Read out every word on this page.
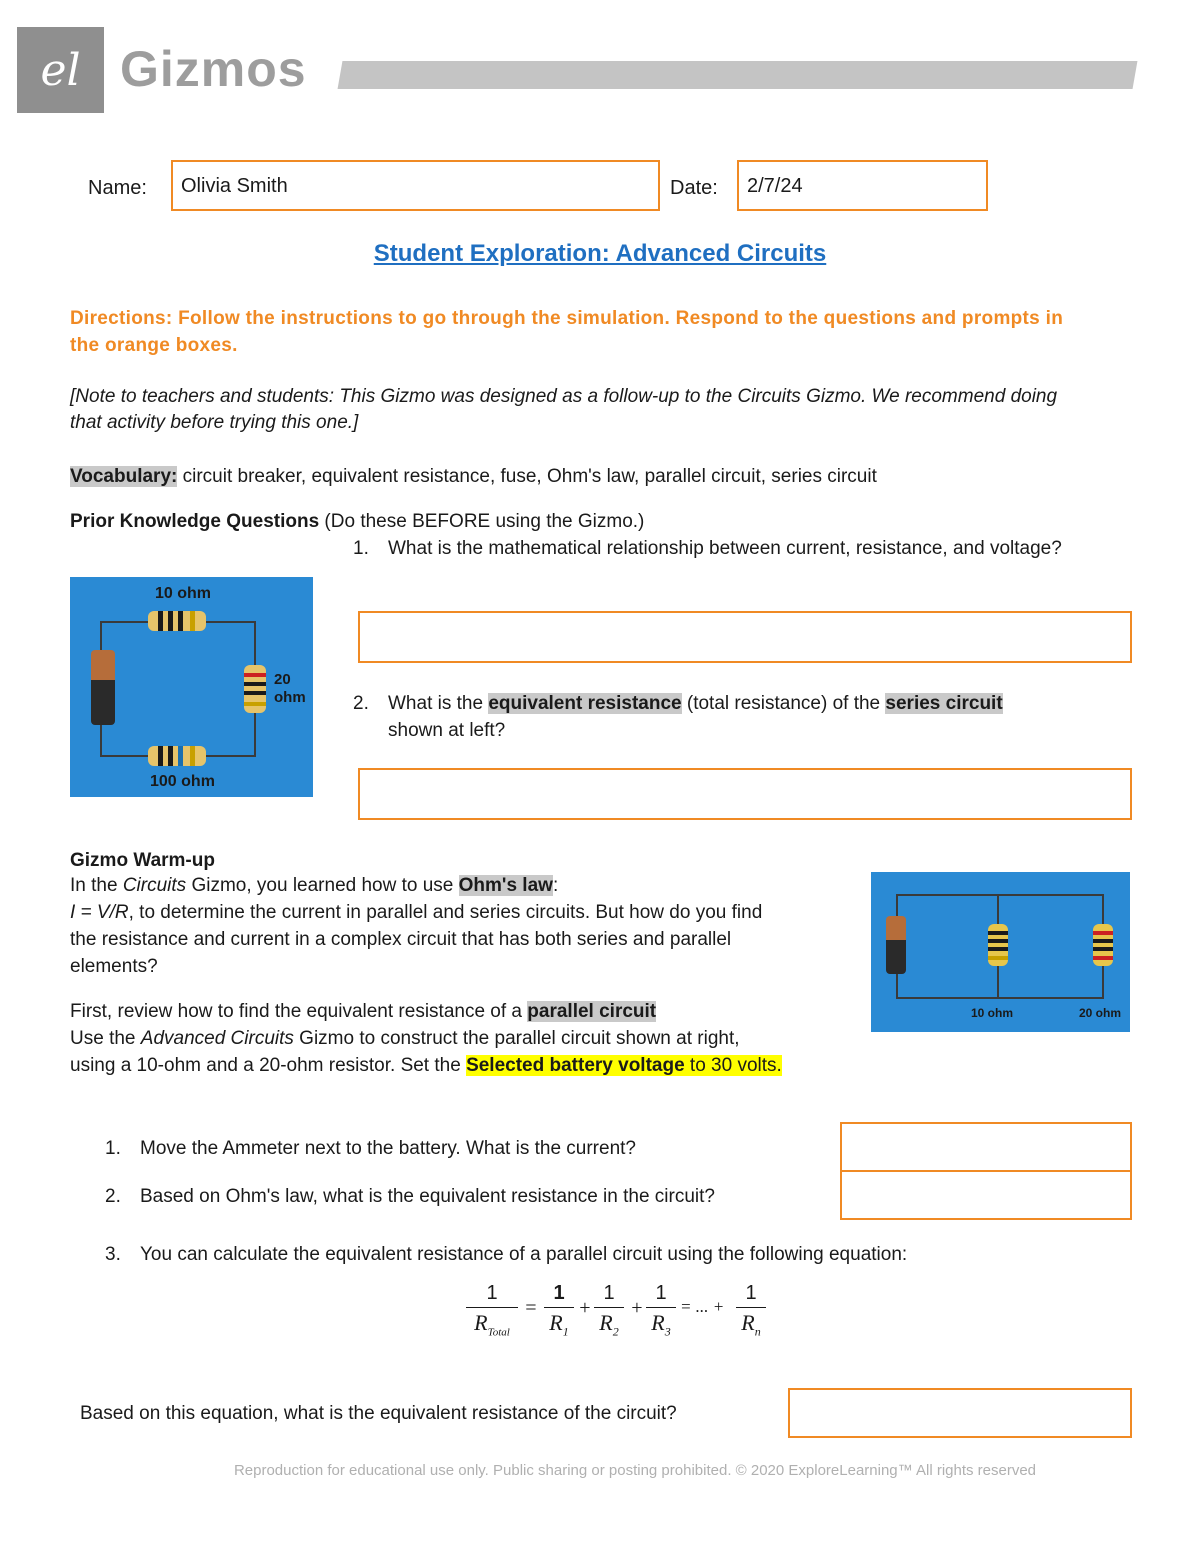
el Gizmos
Name:	Olivia Smith	Date:	2/7/24
Student Exploration: Advanced Circuits
Directions: Follow the instructions to go through the simulation. Respond to the questions and prompts in the orange boxes.
[Note to teachers and students: This Gizmo was designed as a follow-up to the Circuits Gizmo. We recommend doing that activity before trying this one.]
Vocabulary: circuit breaker, equivalent resistance, fuse, Ohm's law, parallel circuit, series circuit
Prior Knowledge Questions (Do these BEFORE using the Gizmo.)
10 ohm
20
ohm
100 ohm
1. What is the mathematical relationship between current, resistance, and voltage?
2. What is the equivalent resistance (total resistance) of the series circuit
shown at left?
Gizmo Warm-up
In the Circuits Gizmo, you learned how to use Ohm's law:
I = V/R, to determine the current in parallel and series circuits. But how do you find the resistance and current in a complex circuit that has both series and parallel elements?
First, review how to find the equivalent resistance of a parallel circuit
Use the Advanced Circuits Gizmo to construct the parallel circuit shown at right, using a 10-ohm and a 20-ohm resistor. Set the Selected battery voltage to 30 volts.
10 ohm	20 ohm
1. Move the Ammeter next to the battery. What is the current?
2. Based on Ohm's law, what is the equivalent resistance in the circuit?
3. You can calculate the equivalent resistance of a parallel circuit using the following equation:
1
$R_{Total}$
=
1
$R_1$
+
1
$R_2$
+
1
$R_3$
= ... +
1
$R_n$
Based on this equation, what is the equivalent resistance of the circuit?
Reproduction for educational use only. Public sharing or posting prohibited. © 2020 ExploreLearning™ All rights reserved
